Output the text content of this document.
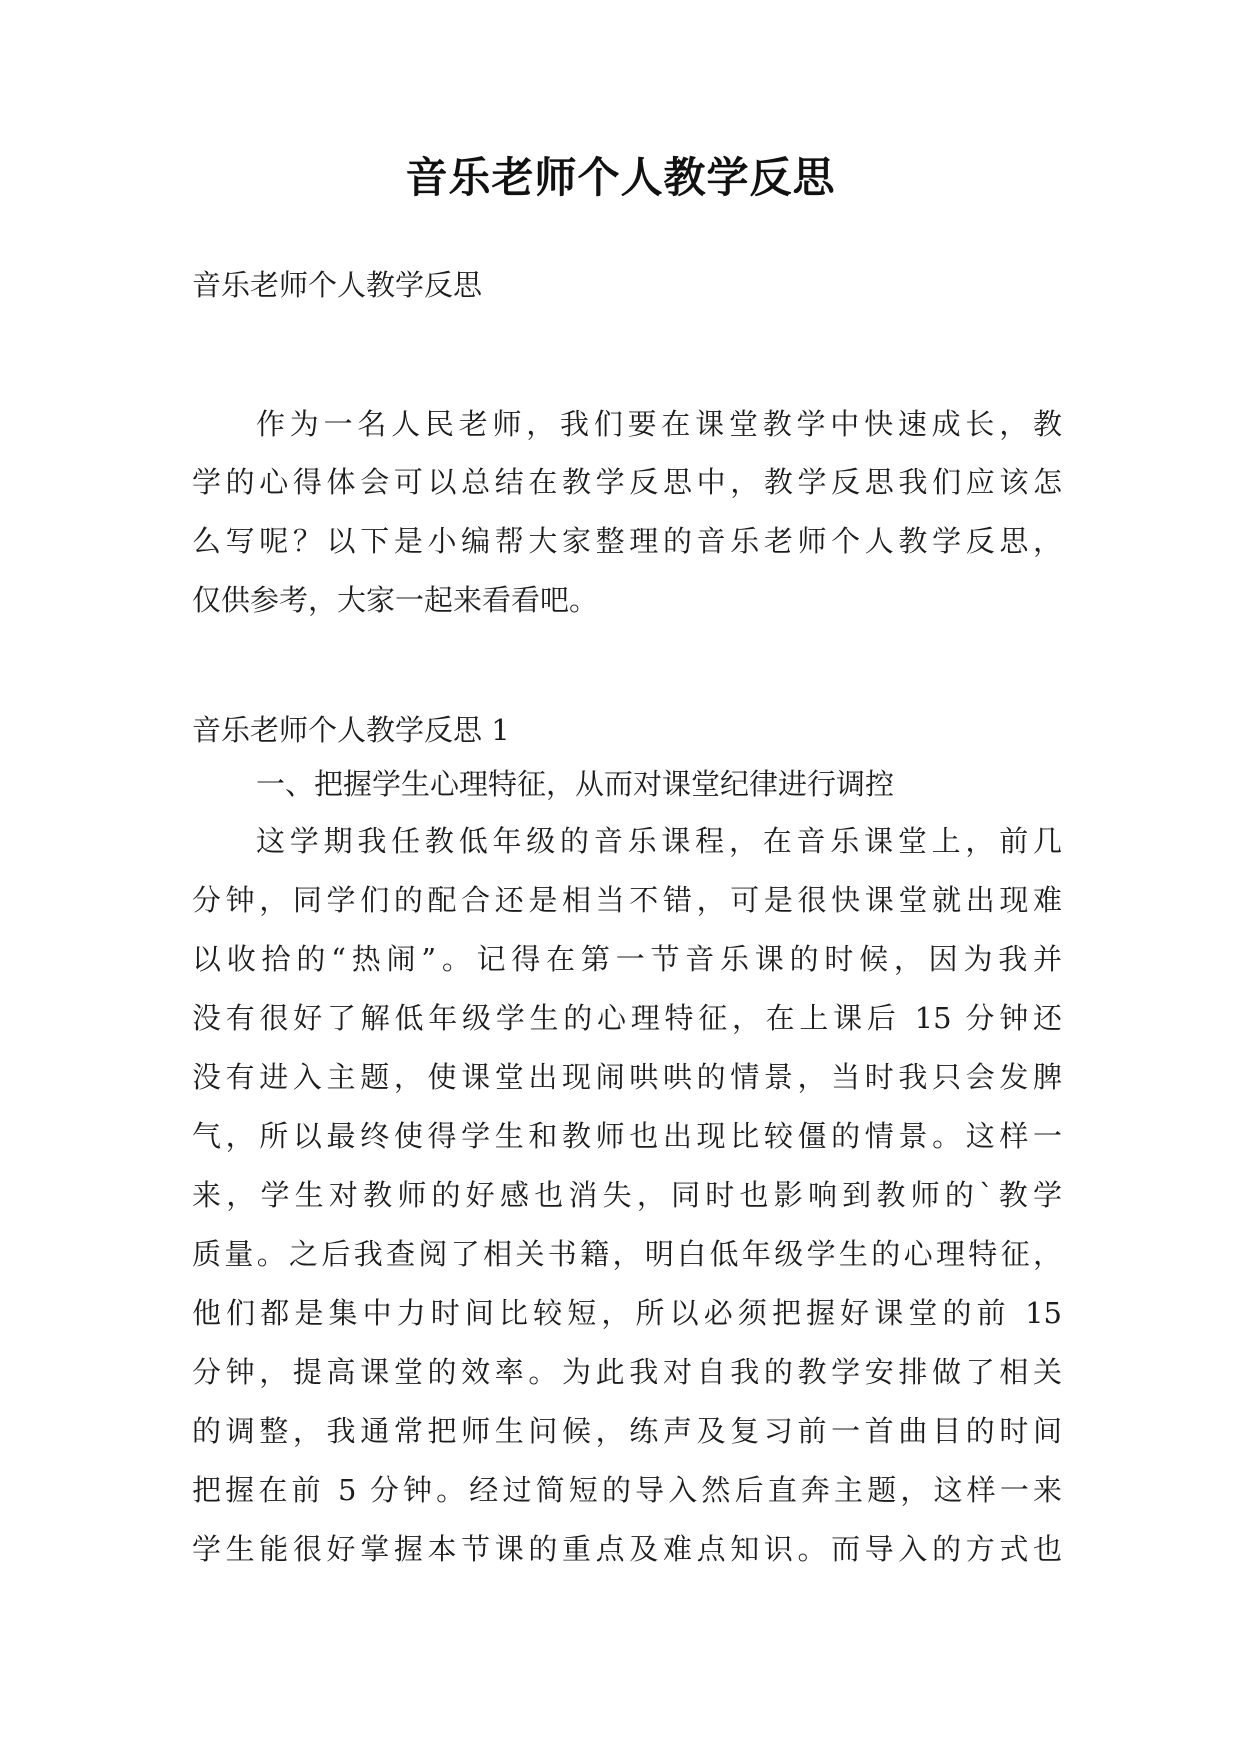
音乐老师个人教学反思
音乐老师个人教学反思
作为一名人民老师，我们要在课堂教学中快速成长，教
学的心得体会可以总结在教学反思中，教学反思我们应该怎
么写呢？以下是小编帮大家整理的音乐老师个人教学反思，
仅供参考，大家一起来看看吧。
音乐老师个人教学反思 1
一、把握学生心理特征，从而对课堂纪律进行调控
这学期我任教低年级的音乐课程，在音乐课堂上，前几
分钟，同学们的配合还是相当不错，可是很快课堂就出现难
以收拾的“热闹”。记得在第一节音乐课的时候，因为我并
没有很好了解低年级学生的心理特征，在上课后 15 分钟还
没有进入主题，使课堂出现闹哄哄的情景，当时我只会发脾
气，所以最终使得学生和教师也出现比较僵的情景。这样一
来，学生对教师的好感也消失，同时也影响到教师的`教学
质量。之后我查阅了相关书籍，明白低年级学生的心理特征，
他们都是集中力时间比较短，所以必须把握好课堂的前 15
分钟，提高课堂的效率。为此我对自我的教学安排做了相关
的调整，我通常把师生问候，练声及复习前一首曲目的时间
把握在前 5 分钟。经过简短的导入然后直奔主题，这样一来
学生能很好掌握本节课的重点及难点知识。而导入的方式也
